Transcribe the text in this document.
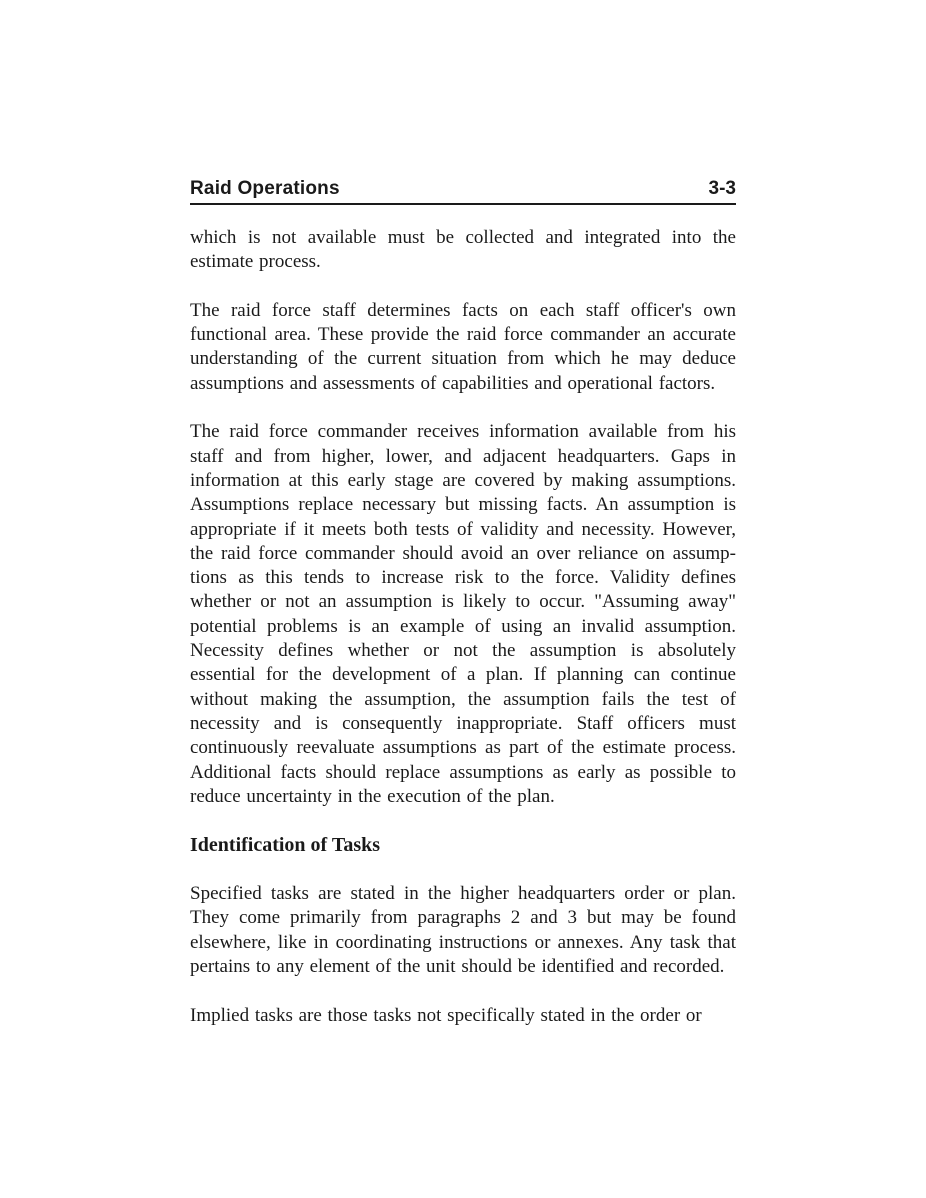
Raid Operations	3-3

which is not available must be collected and integrated into the estimate process.

The raid force staff determines facts on each staff officer's own functional area. These provide the raid force commander an accurate understanding of the current situation from which he may deduce assumptions and assessments of capabilities and operational factors.

The raid force commander receives information available from his staff and from higher, lower, and adjacent headquarters. Gaps in information at this early stage are covered by making assumptions. Assumptions replace necessary but missing facts. An assumption is appropriate if it meets both tests of validity and necessity. However, the raid force commander should avoid an over reliance on assump-tions as this tends to increase risk to the force. Validity defines whether or not an assumption is likely to occur. "Assuming away" potential problems is an example of using an invalid assumption. Necessity defines whether or not the assumption is absolutely essential for the development of a plan. If planning can continue without making the assumption, the assumption fails the test of necessity and is consequently inappropriate. Staff officers must continuously reevaluate assumptions as part of the estimate process. Additional facts should replace assumptions as early as possible to reduce uncertainty in the execution of the plan.

Identification of Tasks

Specified tasks are stated in the higher headquarters order or plan. They come primarily from paragraphs 2 and 3 but may be found elsewhere, like in coordinating instructions or annexes. Any task that pertains to any element of the unit should be identified and recorded.

Implied tasks are those tasks not specifically stated in the order or
